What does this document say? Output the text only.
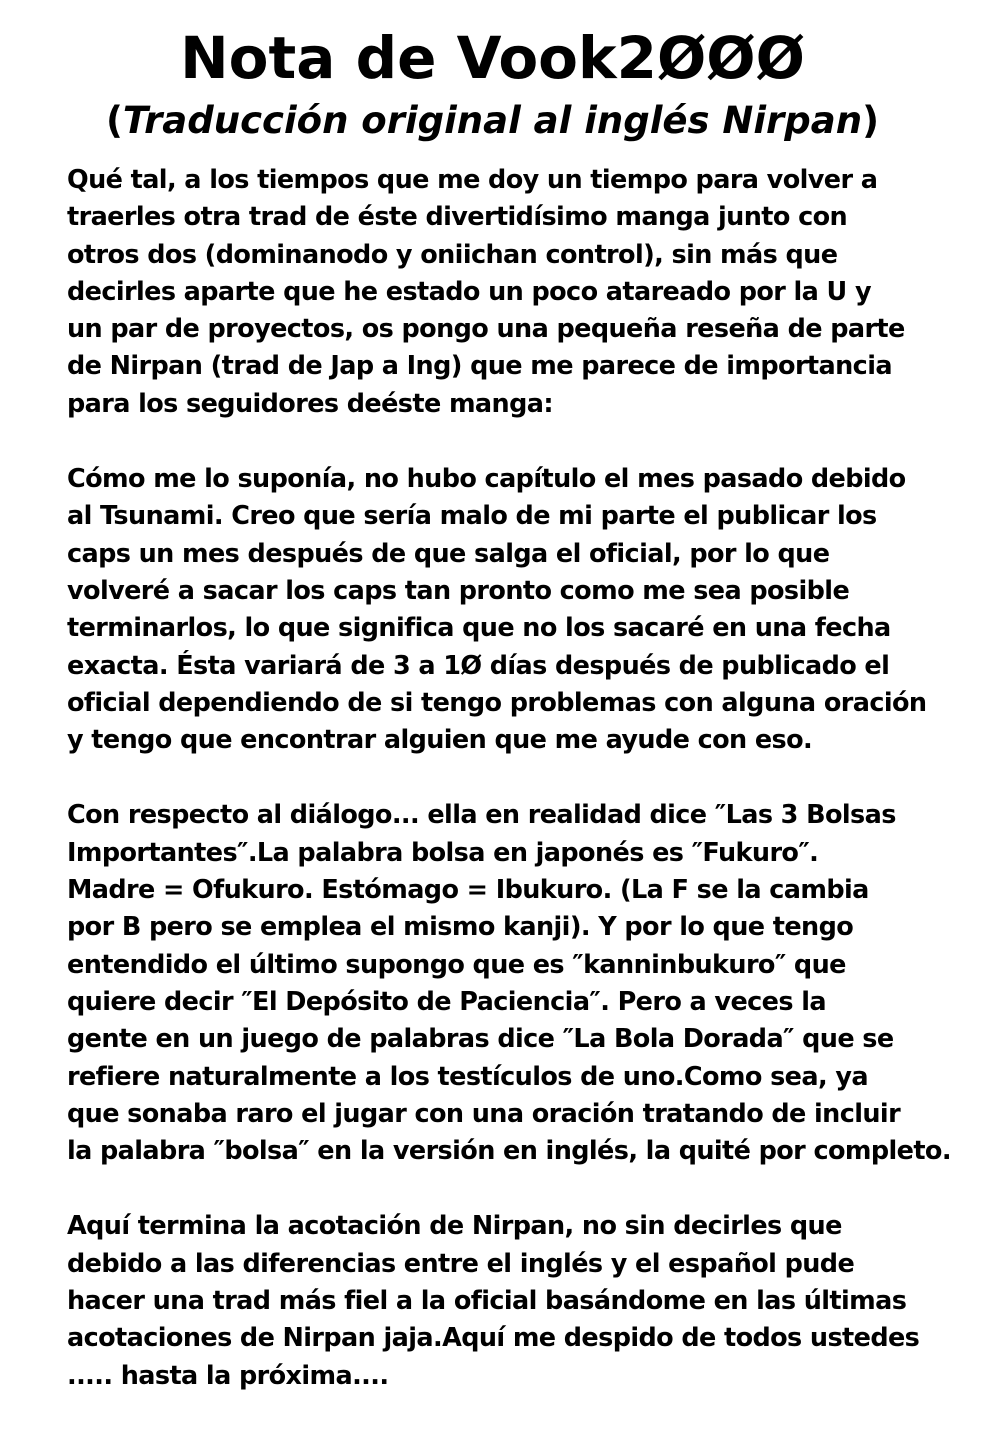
Nota de Vook2ØØØ
(Traducción original al inglés Nirpan)
Qué tal, a los tiempos que me doy un tiempo para volver a
traerles otra trad de éste divertidísimo manga junto con
otros dos (dominanodo y oniichan control), sin más que
decirles aparte que he estado un poco atareado por la U y
un par de proyectos, os pongo una pequeña reseña de parte
de Nirpan (trad de Jap a Ing) que me parece de importancia
para los seguidores deéste manga:
Cómo me lo suponía, no hubo capítulo el mes pasado debido
al Tsunami. Creo que sería malo de mi parte el publicar los
caps un mes después de que salga el oficial, por lo que
volveré a sacar los caps tan pronto como me sea posible
terminarlos, lo que significa que no los sacaré en una fecha
exacta. Ésta variará de 3 a 1Ø días después de publicado el
oficial dependiendo de si tengo problemas con alguna oración
y tengo que encontrar alguien que me ayude con eso.
Con respecto al diálogo... ella en realidad dice ″Las 3 Bolsas
Importantes″.La palabra bolsa en japonés es ″Fukuro″.
Madre = Ofukuro. Estómago = Ibukuro. (La F se la cambia
por B pero se emplea el mismo kanji). Y por lo que tengo
entendido el último supongo que es ″kanninbukuro″ que
quiere decir ″El Depósito de Paciencia″. Pero a veces la
gente en un juego de palabras dice ″La Bola Dorada″ que se
refiere naturalmente a los testículos de uno.Como sea, ya
que sonaba raro el jugar con una oración tratando de incluir
la palabra ″bolsa″ en la versión en inglés, la quité por completo.
Aquí termina la acotación de Nirpan, no sin decirles que
debido a las diferencias entre el inglés y el español pude
hacer una trad más fiel a la oficial basándome en las últimas
acotaciones de Nirpan jaja.Aquí me despido de todos ustedes
..... hasta la próxima....
